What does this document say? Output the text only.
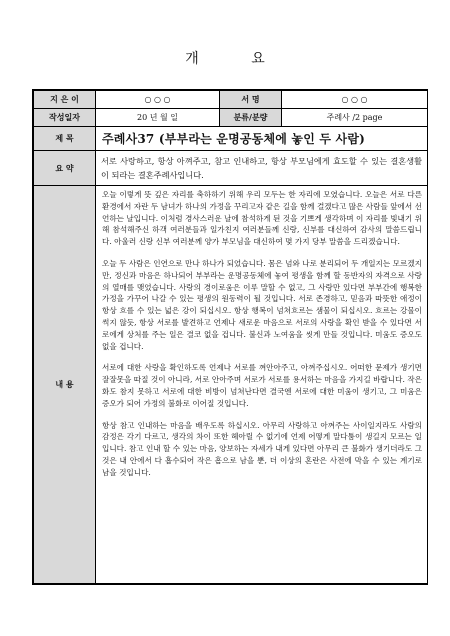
개 요
지 은 이	○ ○ ○	서 명	○ ○ ○
작성일자	20 년 월 일	분류/분량	주례사 /2 page
제 목	주례사37 (부부라는 운명공동체에 놓인 두 사람)		
요 약	서로 사랑하고, 항상 아껴주고, 참고 인내하고, 항상 부모님에게 효도할 수 있는 결혼생활이 되라는 결혼주례사입니다.		
내 용	오늘 이렇게 뜻 깊은 자리를 축하하기 위해 우리 모두는 한 자리에 모였습니다. 오늘은 서로 다른 환경에서 자란 두 남녀가 하나의 가정을 꾸리고자 같은 길을 함께 걸겠다고 많은 사람들 앞에서 선언하는 날입니다. 이처럼 경사스러운 날에 참석하게 된 것을 기쁘게 생각하며 이 자리를 빛내기 위해 참석해주신 하객 여러분들과 일가친지 여러분들께 신랑, 신부를 대신하여 감사의 말씀드립니다. 아울러 신랑 신부 여러분께 양가 부모님을 대신하여 몇 가지 당부 말씀을 드리겠습니다.

오늘 두 사람은 인연으로 만나 하나가 되었습니다. 몸은 넘와 나로 분리되어 두 개일지는 모르겠지만, 정신과 마음은 하나되어 부부라는 운명공동체에 놓여 평생을 함께 할 동반자의 자격으로 사랑의 열매를 맺었습니다. 사랑의 경이로움은 이루 말할 수 없고, 그 사랑만 있다면 부부간에 행복한 가정을 가꾸어 나갈 수 있는 평생의 원동력이 될 것입니다. 서로 존경하고, 믿음과 따뜻한 애정이 항상 흐를 수 있는 넓은 강이 되십시오. 항상 행복이 넘쳐흐르는 샘물이 되십시오. 흐르는 강물이 썩지 않듯, 항상 서로를 발견하고 언제나 새로운 마음으로 서로의 사랑을 확인 받을 수 있다면 서로에게 상처를 주는 일은 결코 없을 겁니다. 불신과 노여움을 씻게 만들 것입니다. 미움도 증오도 없을 겁니다.

서로에 대한 사랑을 확인하도록 언제나 서로를 껴안아주고, 아껴주십시오. 어떠한 문제가 생기면 잘잘못을 따질 것이 아니라, 서로 안아주며 서로가 서로를 용서하는 마음을 가지길 바랍니다. 작은 화도 참지 못하고 서로에 대한 비방이 넘쳐난다면 결국엔 서로에 대한 미움이 생기고, 그 미움은 증오가 되어 가정의 불화로 이어질 것입니다.

항상 참고 인내하는 마음을 배우도록 하십시오. 아무리 사랑하고 아껴주는 사이일지라도 사람의 감정은 각기 다르고, 생각의 차이 또한 헤아릴 수 없기에 언제 어떻게 말다툼이 생길지 모르는 일입니다. 참고 인내 할 수 있는 마음, 양보하는 자세가 내게 있다면 아무리 큰 불화가 생기더라도 그것은 내 안에서 다 흡수되어 작은 흠으로 남을 뿐, 더 이상의 혼란은 사전에 막을 수 있는 계기로 남을 것입니다.		
